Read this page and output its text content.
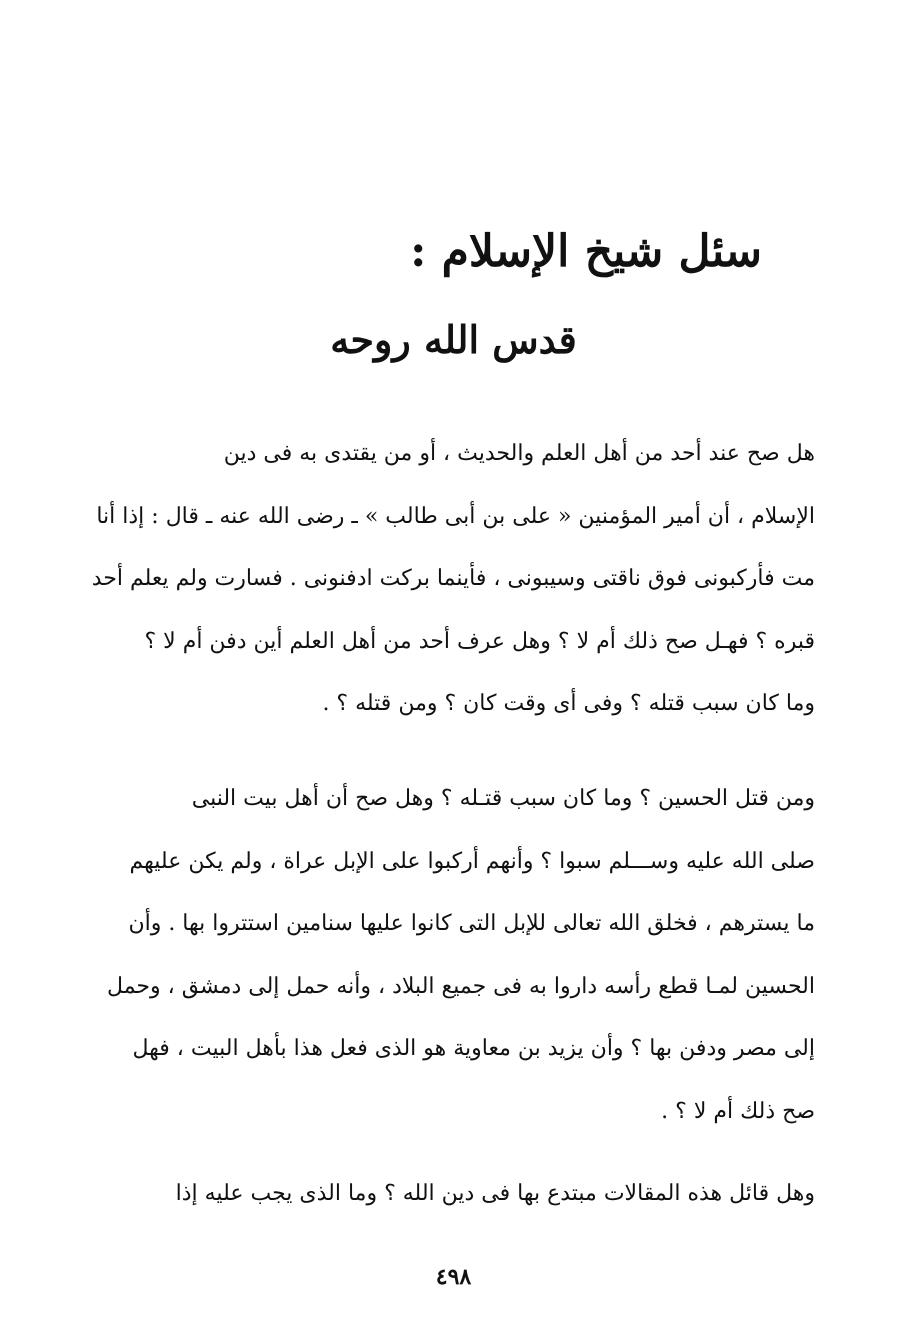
سئل شيخ الإسلام :
قدس الله روحه
هل صح عند أحد من أهل العلم والحديث ، أو من يقتدى به فى دين
الإسلام ، أن أمير المؤمنين « على بن أبى طالب » ـ رضى الله عنه ـ قال : إذا أنا
مت فأركبونى فوق ناقتى وسيبونى ، فأينما بركت ادفنونى . فسارت ولم يعلم أحد
قبره ؟ فهـل صح ذلك أم لا ؟ وهل عرف أحد من أهل العلم أين دفن أم لا ؟
وما كان سبب قتله ؟ وفى أى وقت كان ؟ ومن قتله ؟ .
ومن قتل الحسين ؟ وما كان سبب قتـله ؟ وهل صح أن أهل بيت النبى
صلى الله عليه وســـلم سبوا ؟ وأنهم أركبوا على الإبل عراة ، ولم يكن عليهم
ما يسترهم ، فخلق الله تعالى للإبل التى كانوا عليها سنامين استتروا بها . وأن
الحسين لمـا قطع رأسه داروا به فى جميع البلاد ، وأنه حمل إلى دمشق ، وحمل
إلى مصر ودفن بها ؟ وأن يزيد بن معاوية هو الذى فعل هذا بأهل البيت ، فهل
صح ذلك أم لا ؟ .
وهل قائل هذه المقالات مبتدع بها فى دين الله ؟ وما الذى يجب عليه إذا
٤٩٨
